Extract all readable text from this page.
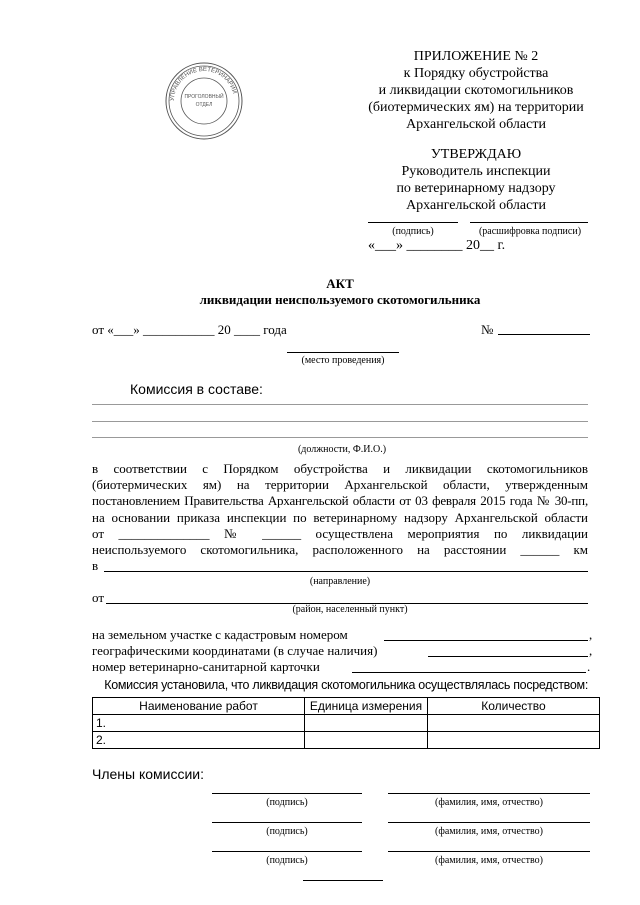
УПРАВЛЕНИЕ ВЕТЕРИНАРИИ
ПРОГОЛОВНЫЙ
ОТДЕЛ
ПРИЛОЖЕНИЕ № 2
к Порядку обустройства
и ликвидации скотомогильников
(биотермических ям) на территории
Архангельской области
УТВЕРЖДАЮ
Руководитель инспекции
по ветеринарному надзору
Архангельской области
(подпись)	(расшифровка подписи)
«___» ________ 20__ г.
АКТ
ликвидации неиспользуемого скотомогильника
от «___» ___________ 20 ____ года	№
(место проведения)
Комиссия в составе:
(должности, Ф.И.О.)
в соответствии с Порядком обустройства и ликвидации скотомогильников
(биотермических ям) на территории Архангельской области, утвержденным
постановлением Правительства Архангельской области от 03 февраля 2015 года № 30-пп,
на основании приказа инспекции по ветеринарному надзору Архангельской области
от ______________ № ______ осуществлена мероприятия по ликвидации
неиспользуемого скотомогильника, расположенного на расстоянии ______ км
в
(направление)
от
(район, населенный пункт)
на земельном участке с кадастровым номером
географическими координатами (в случае наличия)
номер ветеринарно-санитарной карточки
,
,
.
Комиссия установила, что ликвидация скотомогильника осуществлялась посредством:
Наименование работ	Единица измерения	Количество
1.		
2.		
Члены комиссии:
(подпись)	(фамилия, имя, отчество)
(подпись)	(фамилия, имя, отчество)
(подпись)	(фамилия, имя, отчество)
